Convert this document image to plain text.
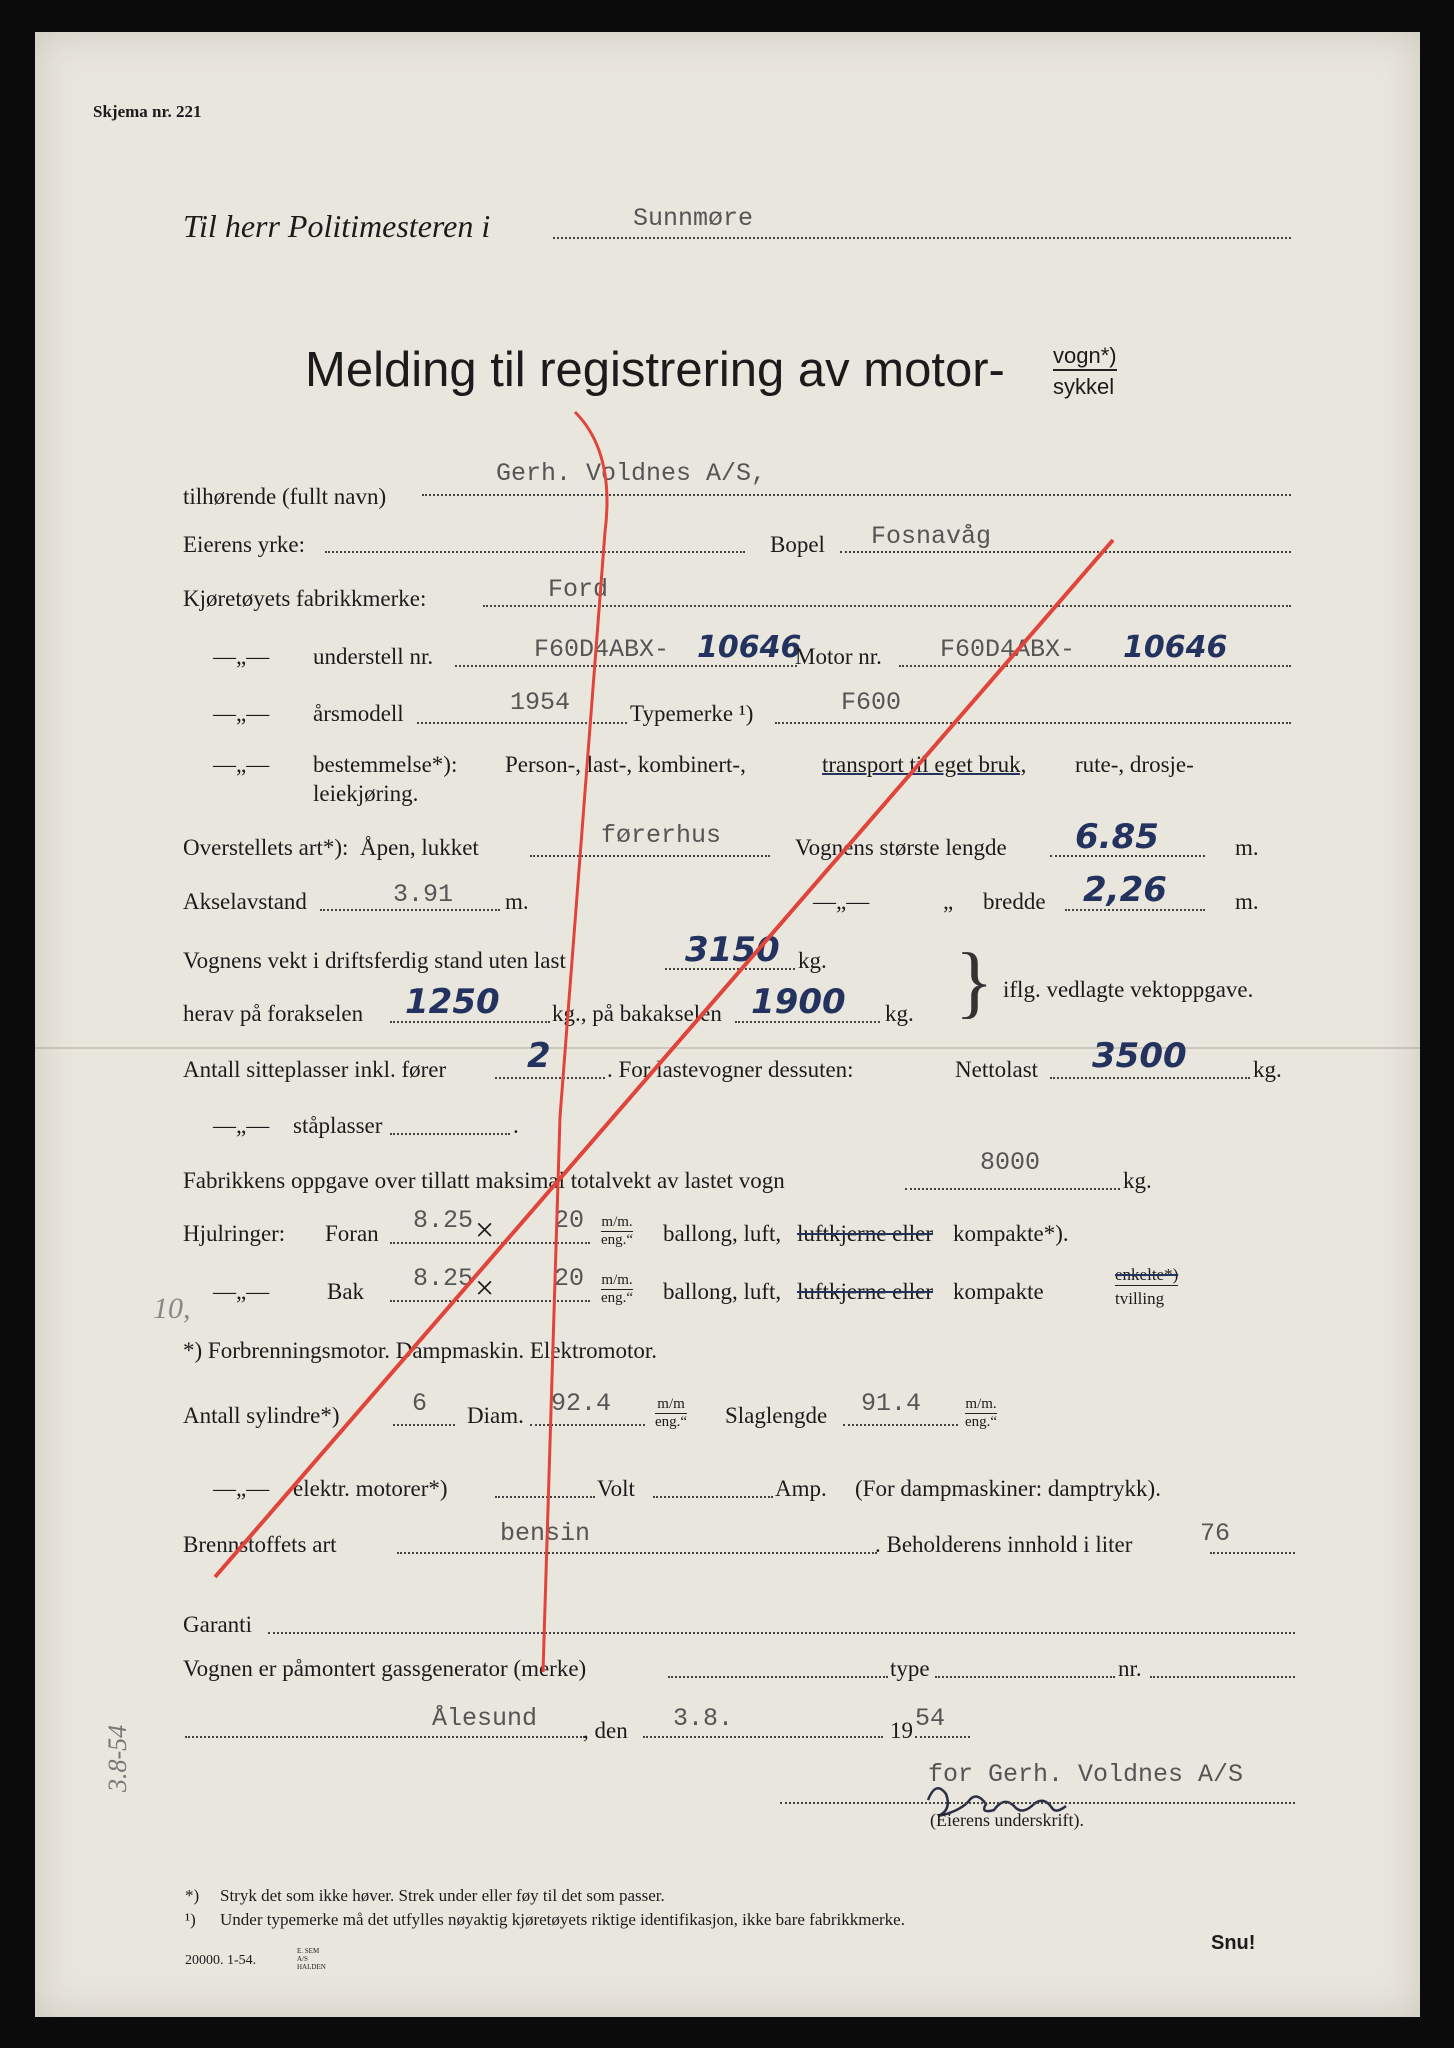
Skjema nr. 221
Til herr Politimesteren i	Sunnmøre
Melding til registrering av motor- vogn*)
sykkel
tilhørende (fullt navn)
Gerh. Voldnes A/S,
Eierens yrke:	Bopel Fosnavåg
Kjøretøyets fabrikkmerke:	Ford
—„— understell nr.	F60D4ABX- 10646
Motor nr. F60D4ABX- 10646
—„— årsmodell	1954	Typemerke ¹)	F600
—„— bestemmelse*): Person-, last-, kombinert-,	transport til eget bruk, rute-, drosje-
leiekjøring.
Overstellets art*): Åpen, lukket	førerhus	Vognens største lengde 6.85	m.
Akselavstand	3.91 m.	—„—	„ bredde 2,26	m.
Vognens vekt i driftsferdig stand uten last	3150 kg.
herav på forakselen 1250 kg., på bakakselen 1900 kg. } iflg. vedlagte vektoppgave.
Antall sitteplasser inkl. fører 2 . For lastevogner dessuten:	Nettolast 3500	kg.
—„— ståplasser	.
Fabrikkens oppgave over tillatt maksimal totalvekt av lastet vogn
8000
kg.
Hjulringer: Foran 8.25 × 20 m/m.
eng.“ ballong, luft, luftkjerne eller kompakte*).
—„—	Bak 8.25 × 20 m/m.
eng.“ ballong, luft, luftkjerne eller kompakte
enkelte*)
tvilling
10,
*) Forbrenningsmotor. Dampmaskin. Elektromotor.
Antall sylindre*)	6 Diam. 92.4	m/m
eng.“ Slaglengde 91.4	m/m.
eng.“
—„— elektr. motorer*)	Volt	Amp. (For dampmaskiner: damptrykk).
Brennstoffets art	bensin	. Beholderens innhold i liter	76
Garanti
Vognen er påmontert gassgenerator (merke)	type	nr.
Ålesund , den 3.8.	19 54
for Gerh. Voldnes A/S
(Eierens underskrift).
*) Stryk det som ikke høver. Strek under eller føy til det som passer.
¹) Under typemerke må det utfylles nøyaktig kjøretøyets riktige identifikasjon, ikke bare fabrikkmerke.
20000. 1-54.
E. SEM A/S HALDEN
Snu!
3.8-54
